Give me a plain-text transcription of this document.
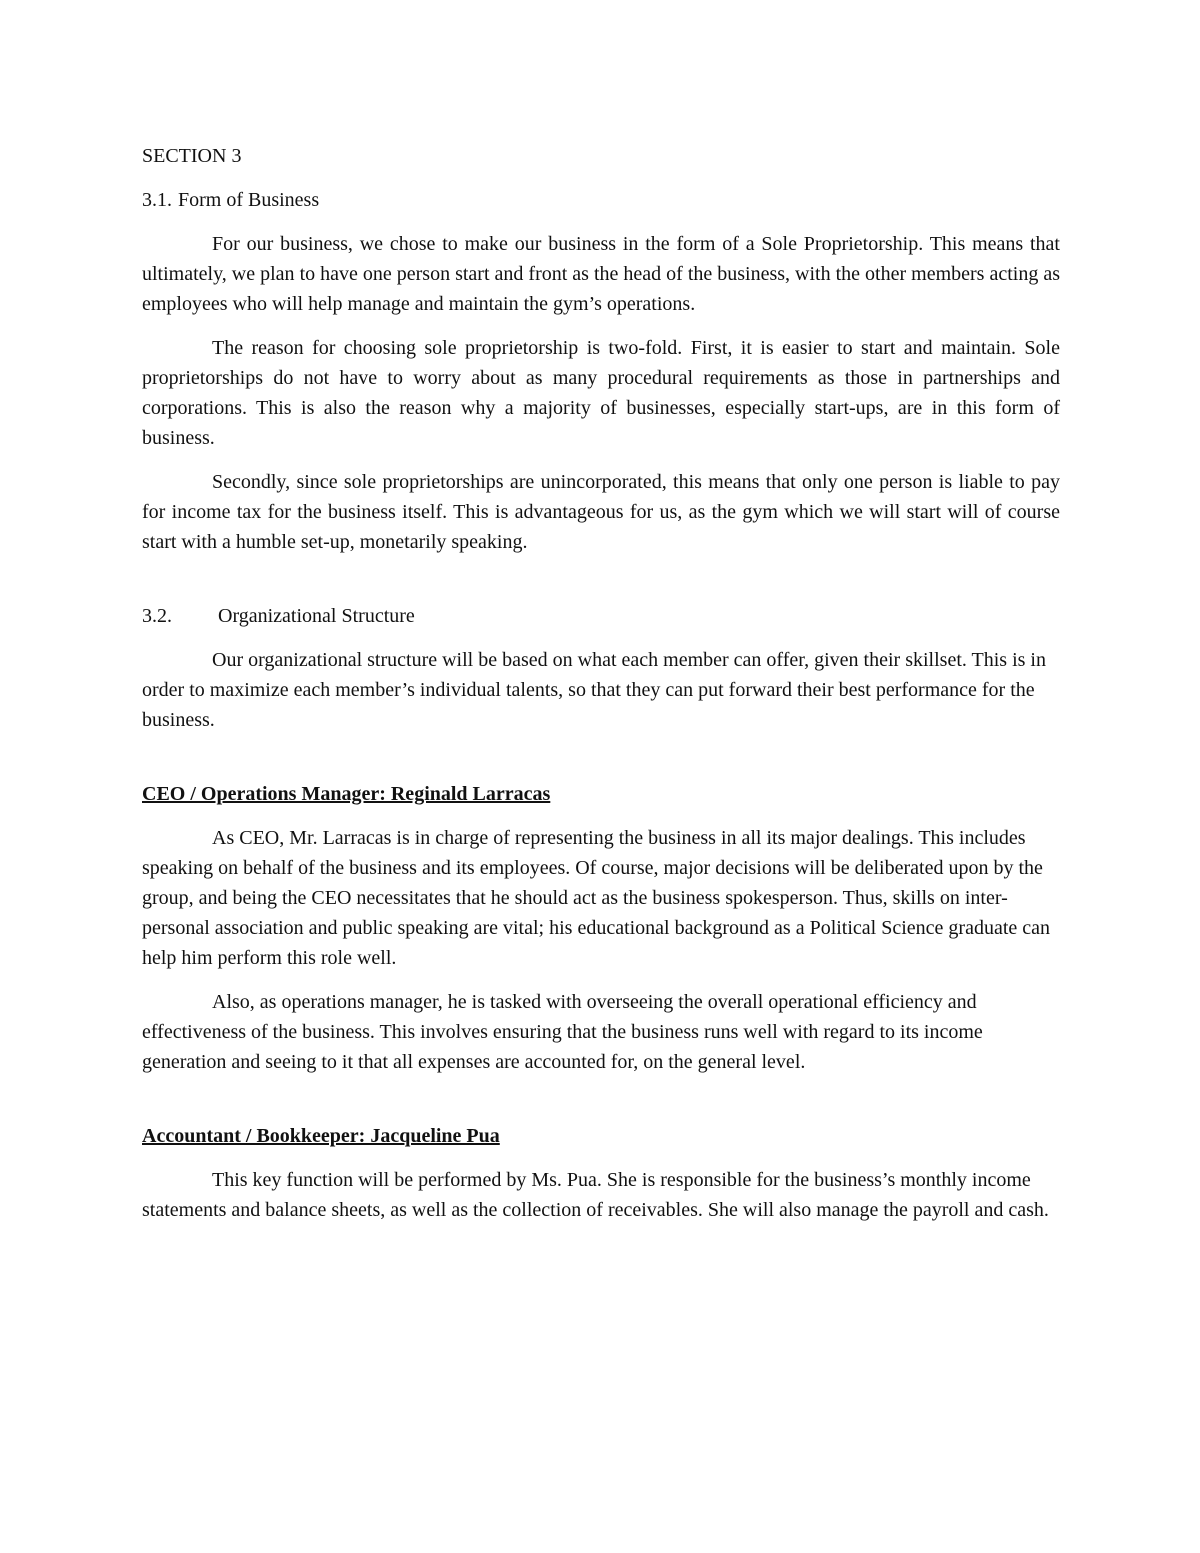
SECTION 3
3.1. Form of Business

For our business, we chose to make our business in the form of a Sole Proprietorship. This means that ultimately, we plan to have one person start and front as the head of the business, with the other members acting as employees who will help manage and maintain the gym’s operations.

The reason for choosing sole proprietorship is two-fold. First, it is easier to start and maintain. Sole proprietorships do not have to worry about as many procedural requirements as those in partnerships and corporations. This is also the reason why a majority of businesses, especially start-ups, are in this form of business.

Secondly, since sole proprietorships are unincorporated, this means that only one person is liable to pay for income tax for the business itself. This is advantageous for us, as the gym which we will start will of course start with a humble set-up, monetarily speaking.

3.2. Organizational Structure

Our organizational structure will be based on what each member can offer, given their skillset. This is in order to maximize each member’s individual talents, so that they can put forward their best performance for the business.

CEO / Operations Manager: Reginald Larracas

As CEO, Mr. Larracas is in charge of representing the business in all its major dealings. This includes speaking on behalf of the business and its employees. Of course, major decisions will be deliberated upon by the group, and being the CEO necessitates that he should act as the business spokesperson. Thus, skills on inter-personal association and public speaking are vital; his educational background as a Political Science graduate can help him perform this role well.

Also, as operations manager, he is tasked with overseeing the overall operational efficiency and effectiveness of the business. This involves ensuring that the business runs well with regard to its income generation and seeing to it that all expenses are accounted for, on the general level.

Accountant / Bookkeeper: Jacqueline Pua

This key function will be performed by Ms. Pua. She is responsible for the business’s monthly income statements and balance sheets, as well as the collection of receivables. She will also manage the payroll and cash.
